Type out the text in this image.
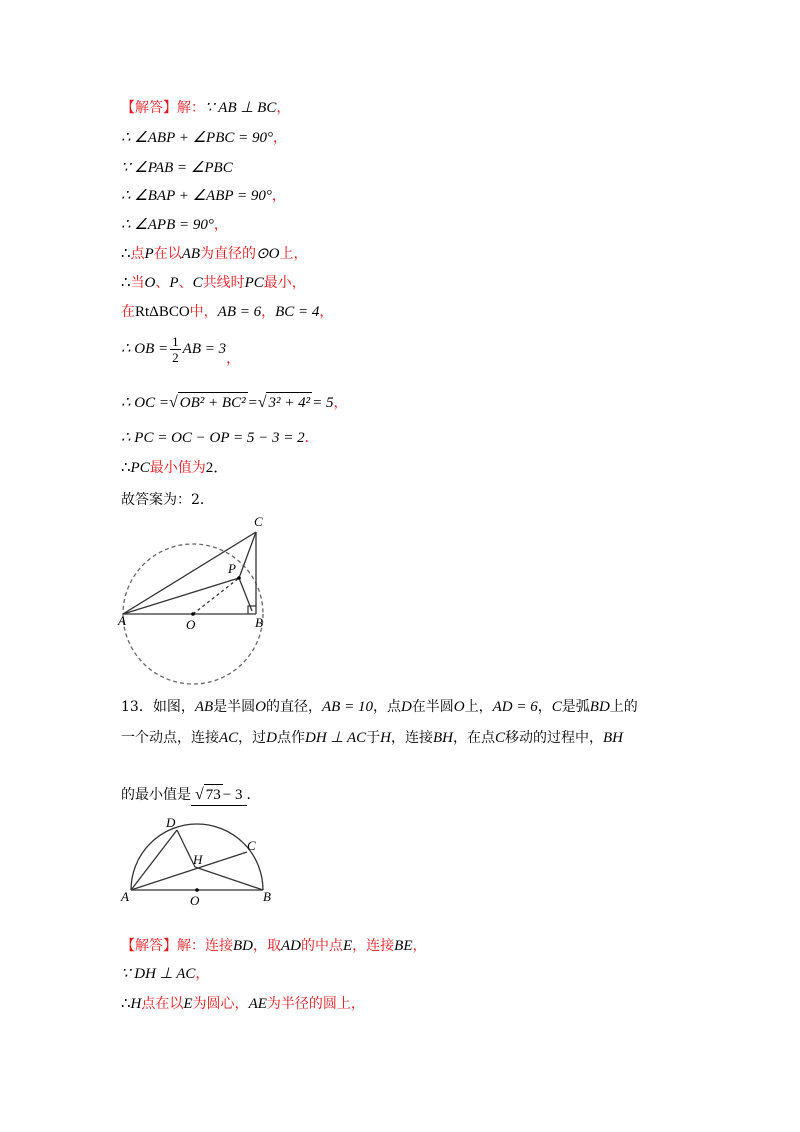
【解答】解：∵ AB ⊥ BC，
∴ ∠ABP + ∠PBC = 90°，
∵ ∠PAB = ∠PBC
∴ ∠BAP + ∠ABP = 90°，
∴ ∠APB = 90°，
∴点P在以AB为直径的⊙O上，
∴当O、P、C共线时PC最小，
在RtΔBCO中，AB = 6，BC = 4，
∴ OB = $\frac{1}{2}$ AB = 3，
∴ OC =√ OB² + BC² =√ 3² + 4² = 5，
∴ PC = OC − OP = 5 − 3 = 2．
∴PC最小值为2．
故答案为：2．
C
P
A	O	B
13．如图，AB是半圆O的直径，AB = 10，点D在半圆O上，AD = 6，C是弧BD上的
一个动点，连接AC，过D点作DH ⊥ AC于H，连接BH，在点C移动的过程中，BH
的最小值是 √ 73 − 3 ．
D
C
H
A	O	B
【解答】解：连接BD，取AD的中点E，连接BE，
∵ DH ⊥ AC，
∴H点在以E为圆心，AE为半径的圆上，
